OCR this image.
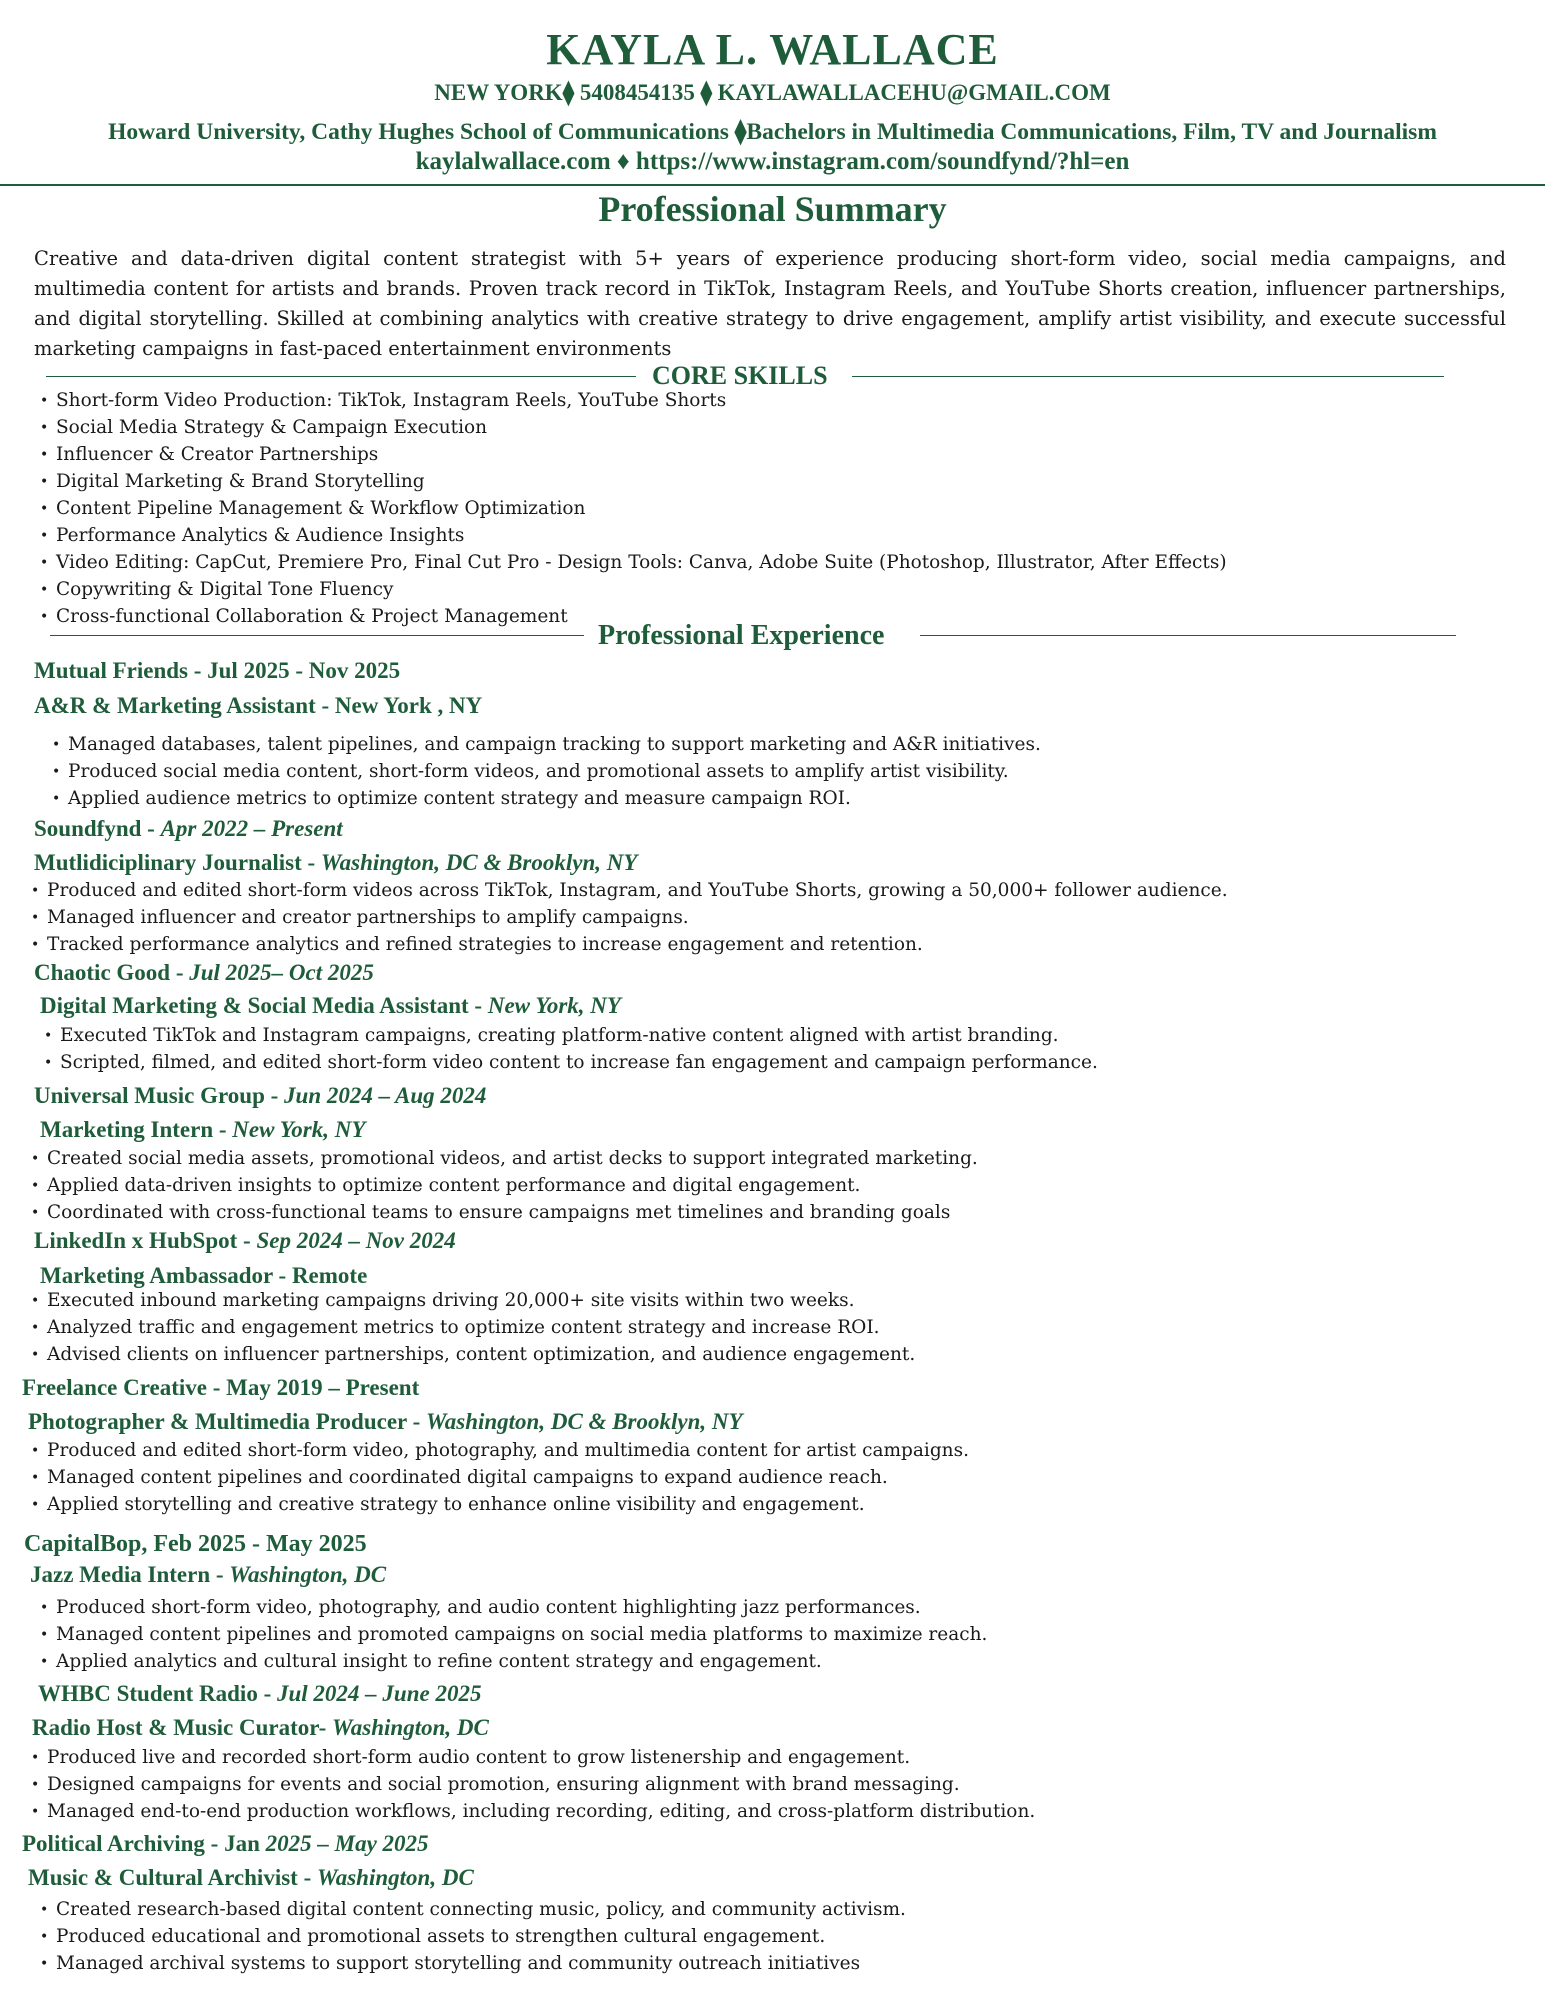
KAYLA L. WALLACE
NEW YORK⧫ 5408454135 ⧫ KAYLAWALLACEHU@GMAIL.COM
Howard University, Cathy Hughes School of Communications ⧫Bachelors in Multimedia Communications, Film, TV and Journalism
kaylalwallace.com ♦ https://www.instagram.com/soundfynd/?hl=en
Professional Summary
Creative and data-driven digital content strategist with 5+ years of experience producing short-form video, social media campaigns, and multimedia content for artists and brands. Proven track record in TikTok, Instagram Reels, and YouTube Shorts creation, influencer partnerships, and digital storytelling. Skilled at combining analytics with creative strategy to drive engagement, amplify artist visibility, and execute successful marketing campaigns in fast-paced entertainment environments
CORE SKILLS
• Short-form Video Production: TikTok, Instagram Reels, YouTube Shorts
• Social Media Strategy & Campaign Execution
• Influencer & Creator Partnerships
• Digital Marketing & Brand Storytelling
• Content Pipeline Management & Workflow Optimization
• Performance Analytics & Audience Insights
• Video Editing: CapCut, Premiere Pro, Final Cut Pro - Design Tools: Canva, Adobe Suite (Photoshop, Illustrator, After Effects)
• Copywriting & Digital Tone Fluency
• Cross-functional Collaboration & Project Management
Professional Experience
Mutual Friends - Jul 2025 - Nov 2025
A&R & Marketing Assistant - New York , NY
• Managed databases, talent pipelines, and campaign tracking to support marketing and A&R initiatives.
• Produced social media content, short-form videos, and promotional assets to amplify artist visibility.
• Applied audience metrics to optimize content strategy and measure campaign ROI.
Soundfynd - Apr 2022 – Present
Mutlidiciplinary Journalist - Washington, DC & Brooklyn, NY
• Produced and edited short-form videos across TikTok, Instagram, and YouTube Shorts, growing a 50,000+ follower audience.
• Managed influencer and creator partnerships to amplify campaigns.
• Tracked performance analytics and refined strategies to increase engagement and retention.
Chaotic Good - Jul 2025– Oct 2025
Digital Marketing & Social Media Assistant - New York, NY
• Executed TikTok and Instagram campaigns, creating platform-native content aligned with artist branding.
• Scripted, filmed, and edited short-form video content to increase fan engagement and campaign performance.
Universal Music Group - Jun 2024 – Aug 2024
Marketing Intern - New York, NY
• Created social media assets, promotional videos, and artist decks to support integrated marketing.
• Applied data-driven insights to optimize content performance and digital engagement.
• Coordinated with cross-functional teams to ensure campaigns met timelines and branding goals
LinkedIn x HubSpot - Sep 2024 – Nov 2024
Marketing Ambassador - Remote
• Executed inbound marketing campaigns driving 20,000+ site visits within two weeks.
• Analyzed traffic and engagement metrics to optimize content strategy and increase ROI.
• Advised clients on influencer partnerships, content optimization, and audience engagement.
Freelance Creative - May 2019 – Present
Photographer & Multimedia Producer - Washington, DC & Brooklyn, NY
• Produced and edited short-form video, photography, and multimedia content for artist campaigns.
• Managed content pipelines and coordinated digital campaigns to expand audience reach.
• Applied storytelling and creative strategy to enhance online visibility and engagement.
CapitalBop, Feb 2025 - May 2025
Jazz Media Intern - Washington, DC
• Produced short-form video, photography, and audio content highlighting jazz performances.
• Managed content pipelines and promoted campaigns on social media platforms to maximize reach.
• Applied analytics and cultural insight to refine content strategy and engagement.
WHBC Student Radio - Jul 2024 – June 2025
Radio Host & Music Curator- Washington, DC
• Produced live and recorded short-form audio content to grow listenership and engagement.
• Designed campaigns for events and social promotion, ensuring alignment with brand messaging.
• Managed end-to-end production workflows, including recording, editing, and cross-platform distribution.
Political Archiving - Jan 2025 – May 2025
Music & Cultural Archivist - Washington, DC
• Created research-based digital content connecting music, policy, and community activism.
• Produced educational and promotional assets to strengthen cultural engagement.
• Managed archival systems to support storytelling and community outreach initiatives
